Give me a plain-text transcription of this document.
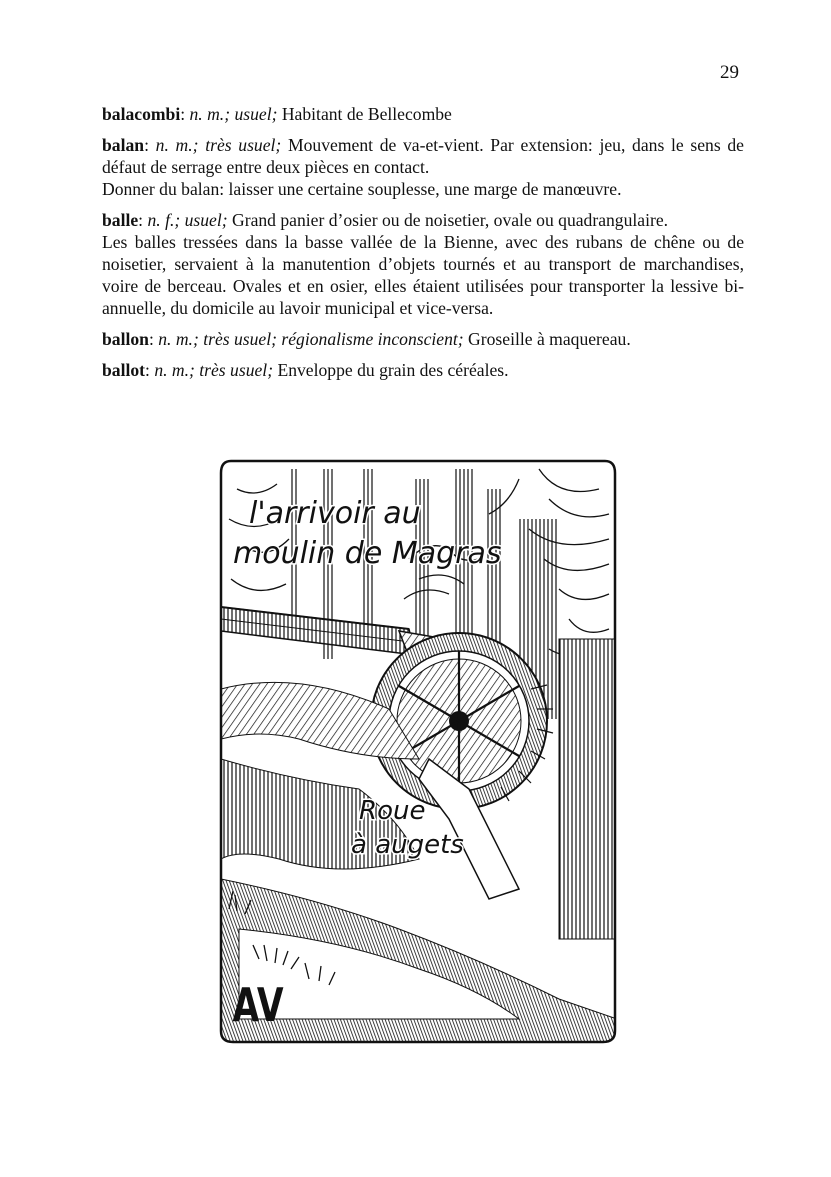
29

balacombi: n. m.; usuel; Habitant de Bellecombe

balan: n. m.; très usuel; Mouvement de va-et-vient. Par extension: jeu, dans le sens de défaut de serrage entre deux pièces en contact.

Donner du balan: laisser une certaine souplesse, une marge de manœuvre.

balle: n. f.; usuel; Grand panier d’osier ou de noisetier, ovale ou quadrangulaire.

Les balles tressées dans la basse vallée de la Bienne, avec des rubans de chêne ou de noisetier, servaient à la manutention d’objets tournés et au transport de marchandises, voire de berceau. Ovales et en osier, elles étaient utilisées pour transporter la lessive bi-annuelle, du domicile au lavoir municipal et vice-versa.

ballon: n. m.; très usuel; régionalisme inconscient; Groseille à maquereau.

ballot: n. m.; très usuel; Enveloppe du grain des céréales.

l'arrivoir au
moulin de Magras
Roue
à augets
AV
